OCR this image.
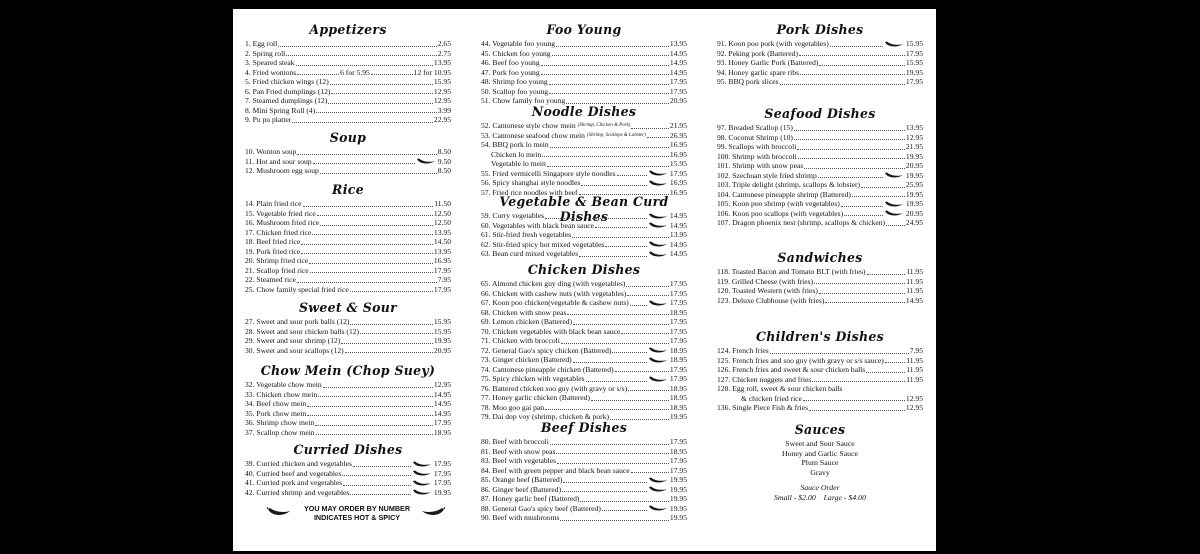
Appetizers
1. Egg roll	2.65
2. Spring roll	2.75
3. Speared steak	13.95
4. Fried wontons	6 for 5.95	12 for 10.95
5. Fried chicken wings (12)	15.95
6. Pan Fried dumplings (12)	12.95
7. Steamed dumplings (12)	12.95
8. Mini Spring Roll (4)	3.99
9. Pu pu platter	22.95
Soup
10. Wonton soup	8.50
11. Hot and sour soup	9.50
12. Mushroom egg soup	8.50
Rice
14. Plain fried rice	11.50
15. Vegetable fried rice	12.50
16. Mushroom fried rice	12.50
17. Chicken fried rice	13.95
18. Beef fried rice	14.50
19. Pork fried rice	13.95
20. Shrimp fried rice	16.95
21. Scallop fried rice	17.95
22. Steamed rice	7.95
25. Chow family special fried rice	17.95
Sweet & Sour
27. Sweet and sour pork balls (12)	15.95
28. Sweet and sour chicken balls (12)	15.95
29. Sweet and sour shrimp (12)	19.95
30. Sweet and sour scallops (12)	20.95
Chow Mein (Chop Suey)
32. Vegetable chow mein	12.95
33. Chicken chow mein	14.95
34. Beef chow mein	14.95
35. Pork chow mein	14.95
36. Shrimp chow mein	17.95
37. Scallop chow mein	18.95
Curried Dishes
39. Curried chicken and vegetables	17.95
40. Curried beef and vegetables	17.95
41. Curried pork and vegetables	17.95
42. Curried shrimp and vegetables	19.95
YOU MAY ORDER BY NUMBER
INDICATES HOT & SPICY
Foo Young
44. Vegetable foo young	13.95
45. Chicken foo young	14.95
46. Beef foo young	14.95
47. Pork foo young	14.95
48. Shrimp foo young	17.95
50. Scallop foo young	17.95
51. Chow family foo young	20.95
Noodle Dishes
52. Cantonese style chow mein (Shrimp, Chicken & Pork)	21.95
53. Cantonese seafood chow mein (Shrimp, Scallops & Lobster)	26.95
54. BBQ pork lo mein	16.95
Chicken lo mein	16.95
Vegetable lo mein	15.95
55. Fried vermicelli Singapore style noodles	17.95
56. Spicy shanghai style noodles	16.95
57. Fried rice noodles with beef	16.95
Vegetable & Bean Curd Dishes
59. Curry vegetables	14.95
60. Vegetables with black bean sauce	14.95
61. Stir-fried fresh vegetables	13.95
62. Stir-fried spicy hot mixed vegetables	14.95
63. Bean curd mixed vegetables	14.95
Chicken Dishes
65. Almond chicken guy ding (with vegetables)	17.95
66. Chicken with cashew nuts (with vegetables)	17.95
67. Koon poo chicken(vegetable & cashew nuts)	17.95
68. Chicken with snow peas	18.95
69. Lemon chicken (Battered)	17.95
70. Chicken vegetables with black bean sauce	17.95
71. Chicken with broccoli	17.95
72. General Gao's spicy chicken (Battered)	18.95
73. Ginger chicken (Battered)	18.95
74. Cantonese pineapple chicken (Battered)	17.95
75. Spicy chicken with vegetables	17.95
76. Battered chicken soo guy (with gravy or s/s)	18.95
77. Honey garlic chicken (Battered)	18.95
78. Moo goo gai pan	18.95
79. Dai dop voy (shrimp, chicken & pork)	19.95
Beef Dishes
80. Beef with broccoli	17.95
81. Beef with snow peas	18.95
83. Beef with vegetables	17.95
84. Beef with green pepper and black bean sauce	17.95
85. Orange beef (Battered)	19.95
86. Ginger beef (Battered)	19.95
87. Honey garlic beef (Battered)	19.95
88. General Gao's spicy beef (Battered)	19.95
90. Beef with mushrooms	19.95
Pork Dishes
91. Koon poo pork (with vegetables)	15.95
92. Peking pork (Battered)	17.95
93. Honey Garlic Pork (Battered)	15.95
94. Honey garlic spare ribs	19.95
95. BBQ pork slices	17.95
Seafood Dishes
97. Breaded Scallop (15)	13.95
98. Coconut Shrimp (10)	12.95
99. Scallops with broccoli	21.95
100. Shrimp with broccoli	19.95
101. Shrimp with snow peas	20.95
102. Szechuan style fried shrimp	19.95
103. Triple delight (shrimp, scallops & lobster)	25.95
104. Cantonese pineapple shrimp (Battered)	19.95
105. Koon poo shrimp (with vegetables)	19.95
106. Koon poo scallops (with vegetables)	20.95
107. Dragon phoenix nest (shrimp, scallops & chicken)	24.95
Sandwiches
118. Toasted Bacon and Tomato BLT (with fries)	11.95
119. Grilled Cheese (with fries)	11.95
120. Toasted Western (with fries)	11.95
123. Deluxe Clubhouse (with fries)	14.95
Children's Dishes
124. French fries	7.95
125. French fries and soo guy (with gravy or s/s sauce)	11.95
126. French fries and sweet & sour chicken balls	11.95
127. Chicken nuggets and fries	11.95
128. Egg roll, sweet & sour chicken balls
& chicken fried rice	12.95
136. Single Piece Fish & fries	12.95
Sauces
Sweet and Sour Sauce
Honey and Garlic Sauce
Plum Sauce
Gravy
Sauce Order
Small - $2.00    Large - $4.00
